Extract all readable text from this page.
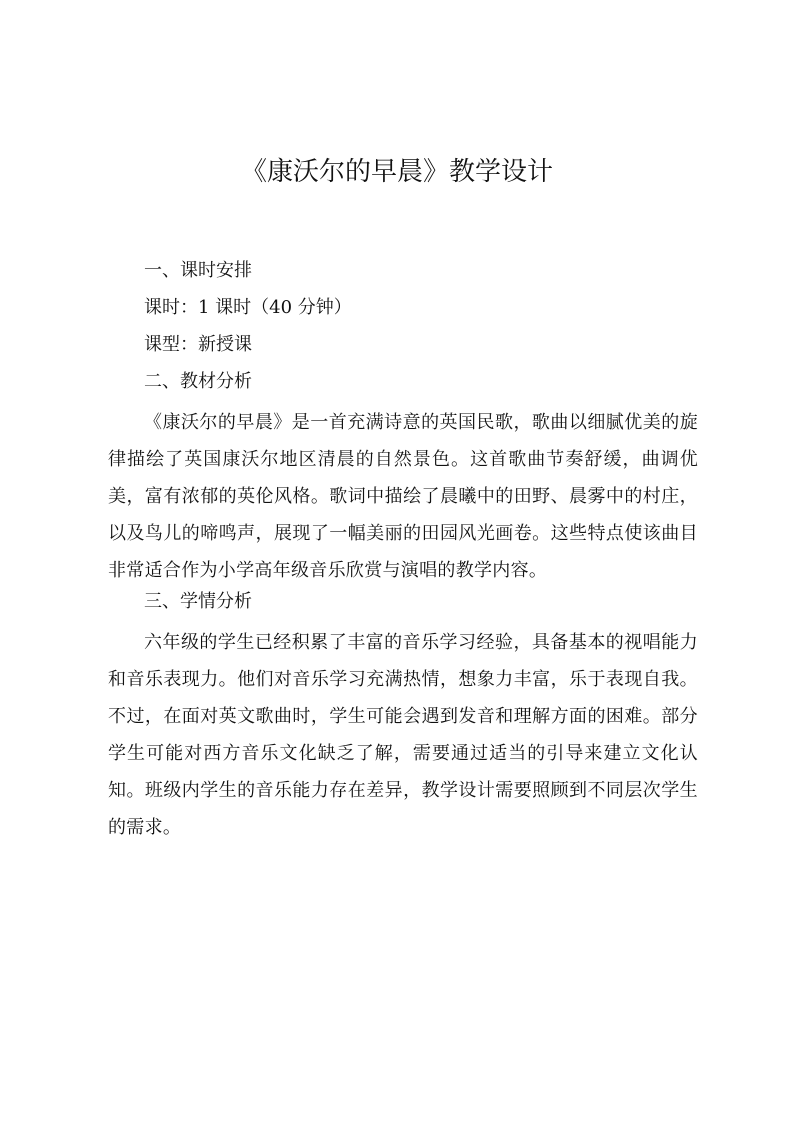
《康沃尔的早晨》教学设计
一、课时安排
课时：1 课时（40 分钟）
课型：新授课
二、教材分析

《康沃尔的早晨》是一首充满诗意的英国民歌，歌曲以细腻优美的旋律描绘了英国康沃尔地区清晨的自然景色。这首歌曲节奏舒缓，曲调优美，富有浓郁的英伦风格。歌词中描绘了晨曦中的田野、晨雾中的村庄，以及鸟儿的啼鸣声，展现了一幅美丽的田园风光画卷。这些特点使该曲目非常适合作为小学高年级音乐欣赏与演唱的教学内容。

三、学情分析

六年级的学生已经积累了丰富的音乐学习经验，具备基本的视唱能力和音乐表现力。他们对音乐学习充满热情，想象力丰富，乐于表现自我。不过，在面对英文歌曲时，学生可能会遇到发音和理解方面的困难。部分学生可能对西方音乐文化缺乏了解，需要通过适当的引导来建立文化认知。班级内学生的音乐能力存在差异，教学设计需要照顾到不同层次学生的需求。
